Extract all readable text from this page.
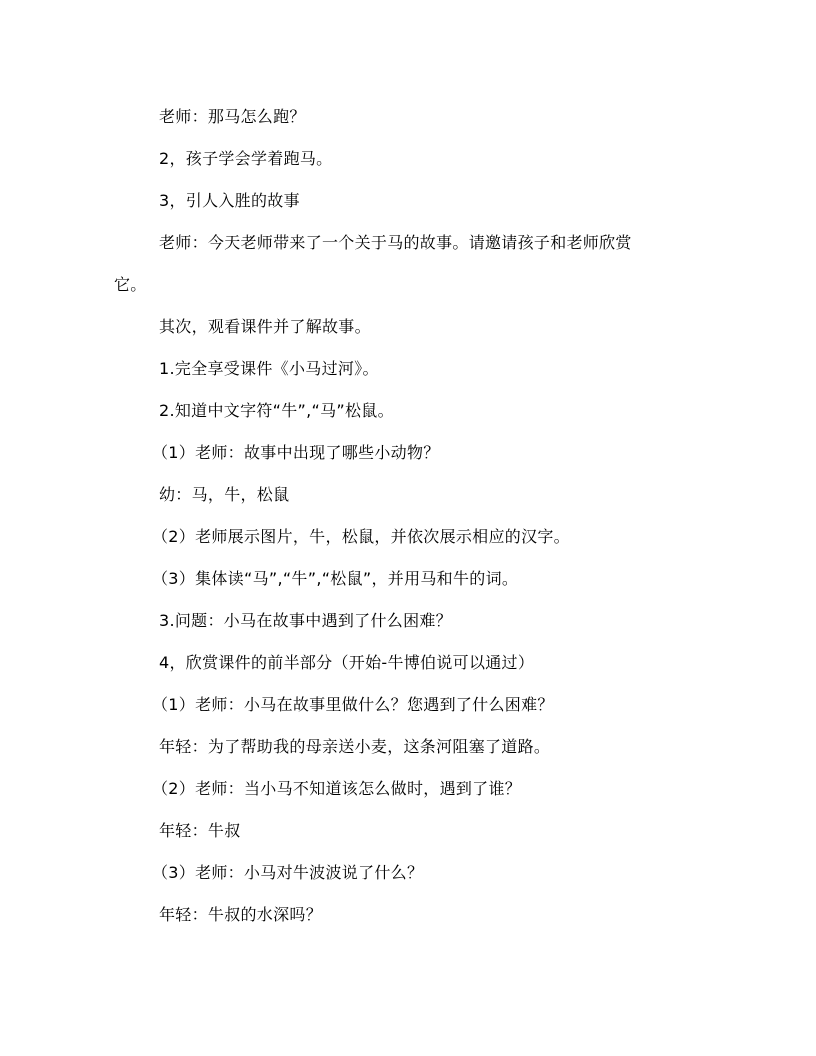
老师：那马怎么跑？
2，孩子学会学着跑马。
3，引人入胜的故事
老师：今天老师带来了一个关于马的故事。请邀请孩子和老师欣赏
它。
其次，观看课件并了解故事。
1.完全享受课件《小马过河》。
2.知道中文字符“牛”,“马”松鼠。
（1）老师：故事中出现了哪些小动物？
幼：马，牛，松鼠
（2）老师展示图片，牛，松鼠，并依次展示相应的汉字。
（3）集体读“马”,“牛”,“松鼠”，并用马和牛的词。
3.问题：小马在故事中遇到了什么困难？
4，欣赏课件的前半部分（开始-牛博伯说可以通过）
（1）老师：小马在故事里做什么？您遇到了什么困难？
年轻：为了帮助我的母亲送小麦，这条河阻塞了道路。
（2）老师：当小马不知道该怎么做时，遇到了谁？
年轻：牛叔
（3）老师：小马对牛波波说了什么？
年轻：牛叔的水深吗？
